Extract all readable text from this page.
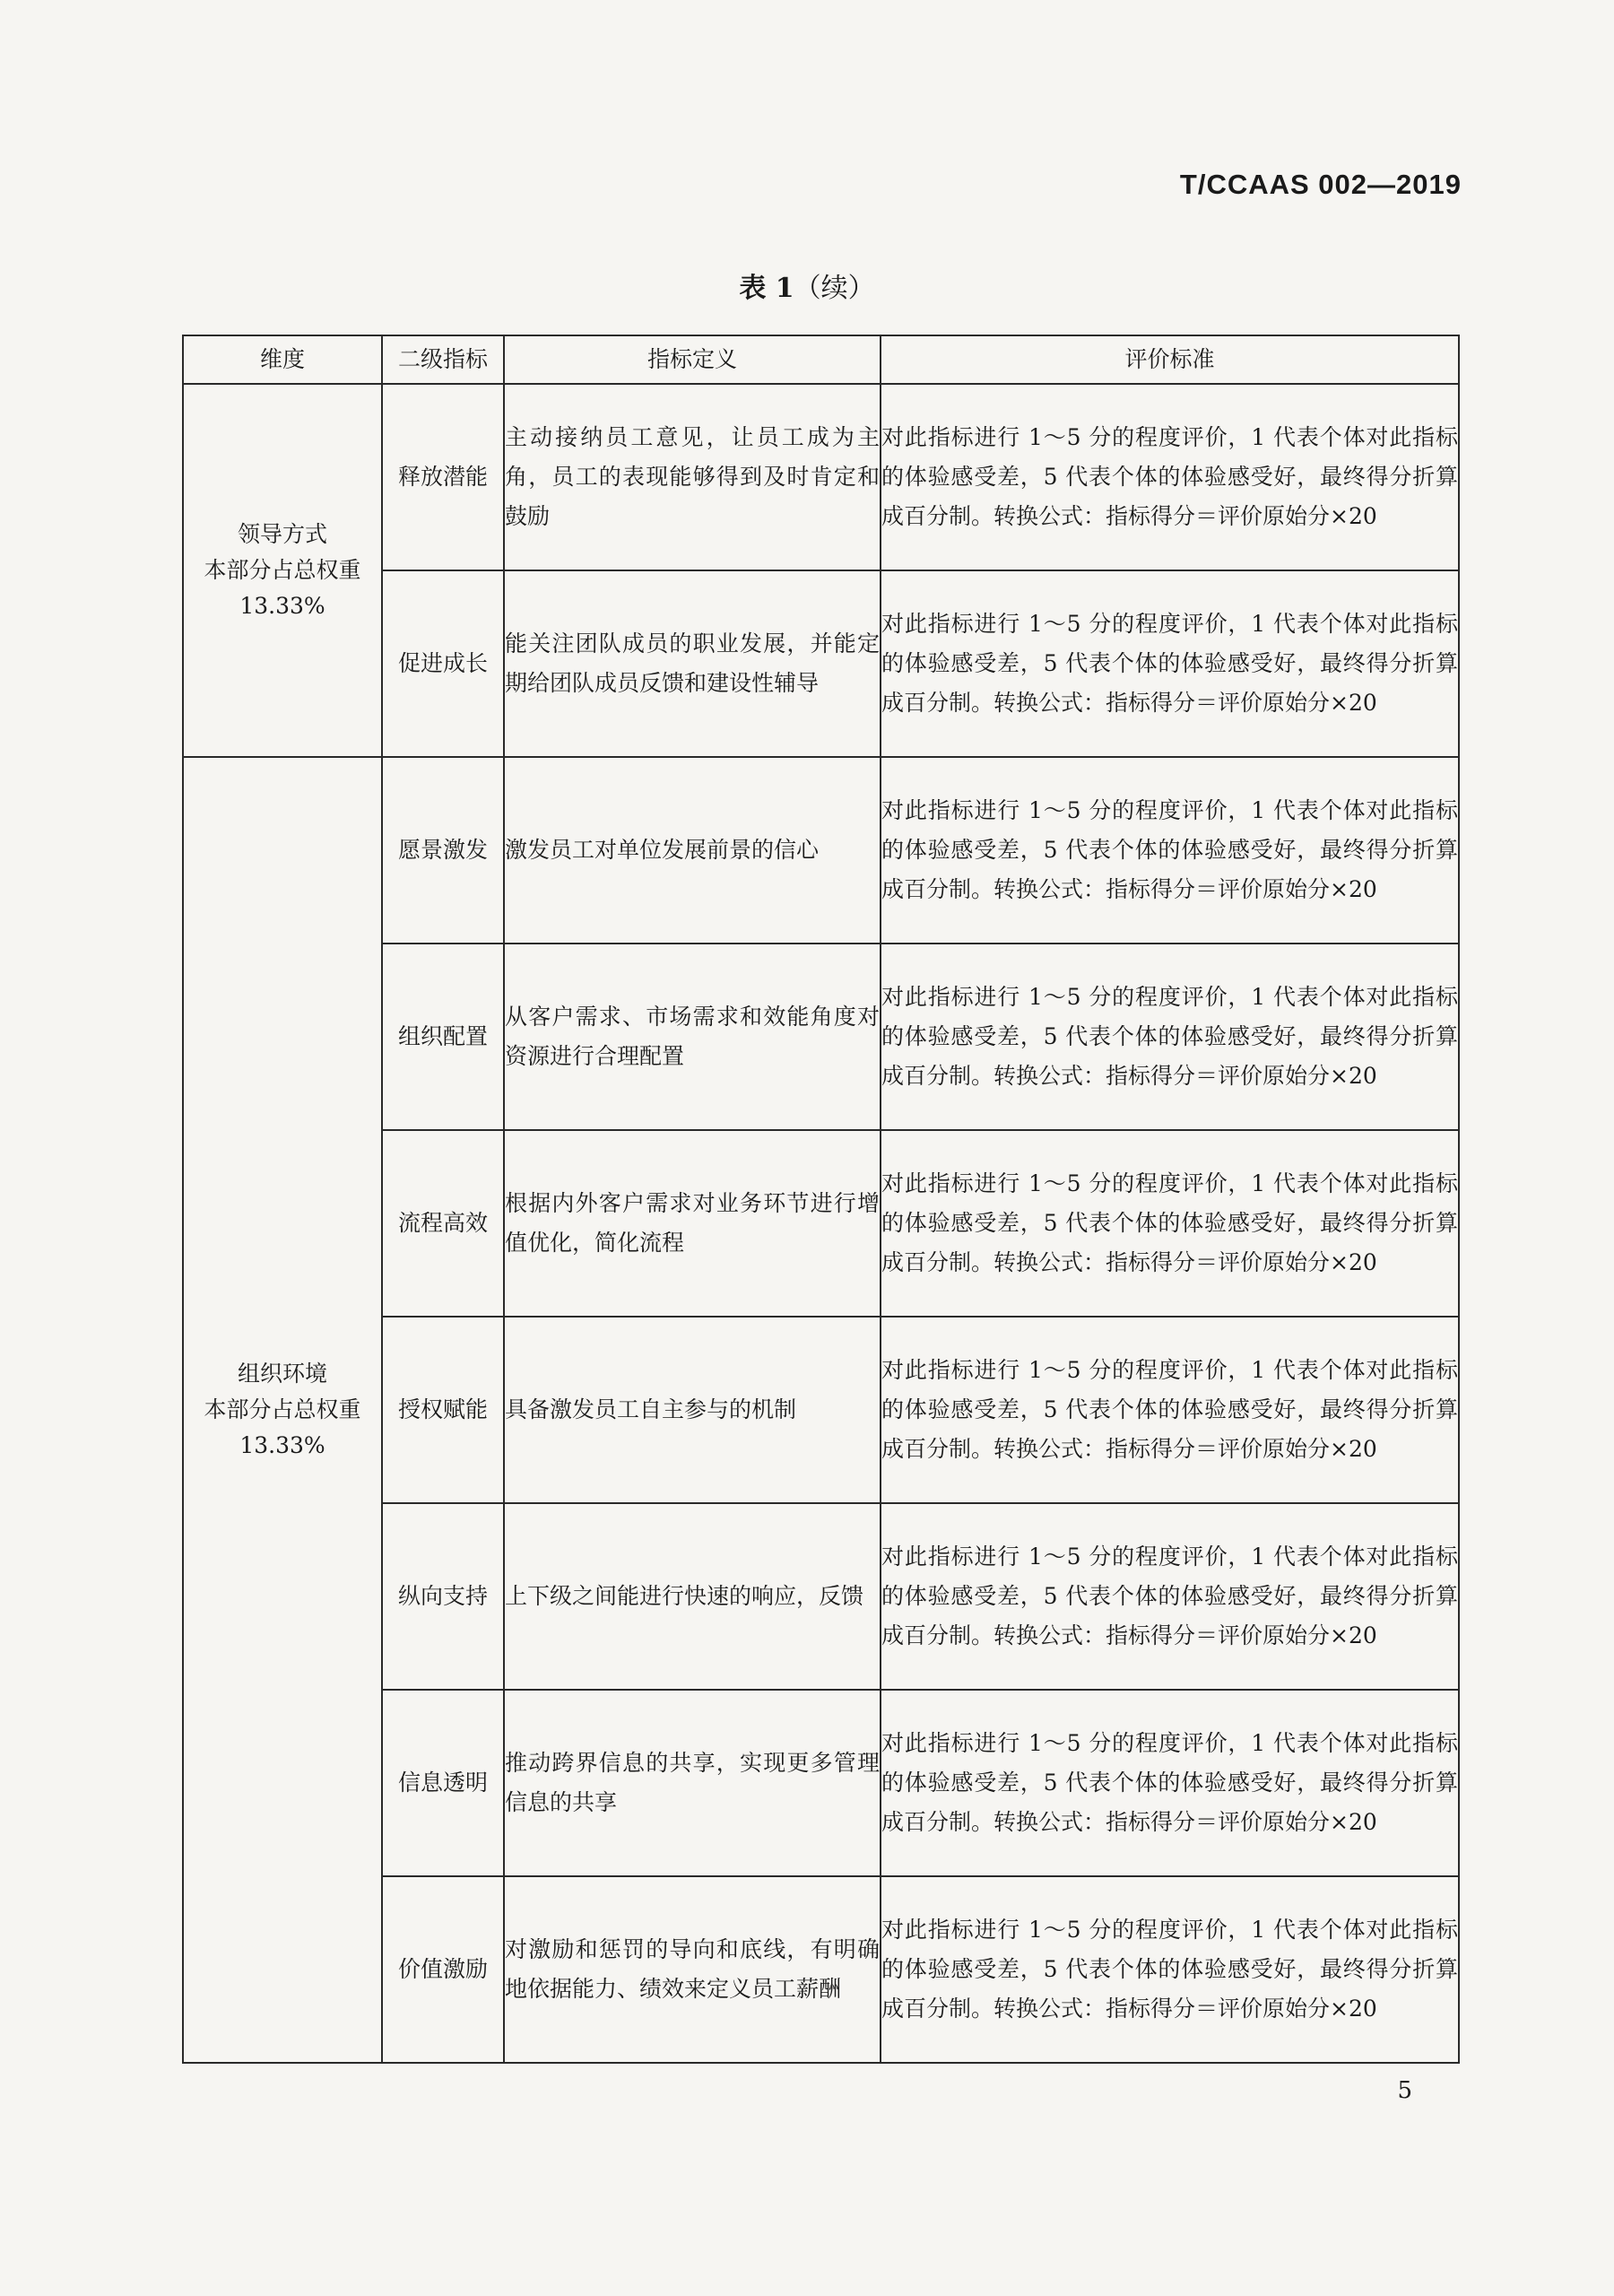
T/CCAAS 002—2019
表 1（续）
维度	二级指标	指标定义	评价标准

领导方式
本部分占总权重
13.33%	释放潜能	主动接纳员工意见，让员工成为主角，员工的表现能够得到及时肯定和鼓励	对此指标进行 1～5 分的程度评价，1 代表个体对此指标的体验感受差，5 代表个体的体验感受好，最终得分折算成百分制。转换公式：指标得分＝评价原始分×20
	促进成长	能关注团队成员的职业发展，并能定期给团队成员反馈和建设性辅导	对此指标进行 1～5 分的程度评价，1 代表个体对此指标的体验感受差，5 代表个体的体验感受好，最终得分折算成百分制。转换公式：指标得分＝评价原始分×20

组织环境
本部分占总权重
13.33%	愿景激发	激发员工对单位发展前景的信心	对此指标进行 1～5 分的程度评价，1 代表个体对此指标的体验感受差，5 代表个体的体验感受好，最终得分折算成百分制。转换公式：指标得分＝评价原始分×20
	组织配置	从客户需求、市场需求和效能角度对资源进行合理配置	对此指标进行 1～5 分的程度评价，1 代表个体对此指标的体验感受差，5 代表个体的体验感受好，最终得分折算成百分制。转换公式：指标得分＝评价原始分×20
	流程高效	根据内外客户需求对业务环节进行增值优化，简化流程	对此指标进行 1～5 分的程度评价，1 代表个体对此指标的体验感受差，5 代表个体的体验感受好，最终得分折算成百分制。转换公式：指标得分＝评价原始分×20
	授权赋能	具备激发员工自主参与的机制	对此指标进行 1～5 分的程度评价，1 代表个体对此指标的体验感受差，5 代表个体的体验感受好，最终得分折算成百分制。转换公式：指标得分＝评价原始分×20
	纵向支持	上下级之间能进行快速的响应，反馈	对此指标进行 1～5 分的程度评价，1 代表个体对此指标的体验感受差，5 代表个体的体验感受好，最终得分折算成百分制。转换公式：指标得分＝评价原始分×20
	信息透明	推动跨界信息的共享，实现更多管理信息的共享	对此指标进行 1～5 分的程度评价，1 代表个体对此指标的体验感受差，5 代表个体的体验感受好，最终得分折算成百分制。转换公式：指标得分＝评价原始分×20
	价值激励	对激励和惩罚的导向和底线，有明确地依据能力、绩效来定义员工薪酬	对此指标进行 1～5 分的程度评价，1 代表个体对此指标的体验感受差，5 代表个体的体验感受好，最终得分折算成百分制。转换公式：指标得分＝评价原始分×20
5
